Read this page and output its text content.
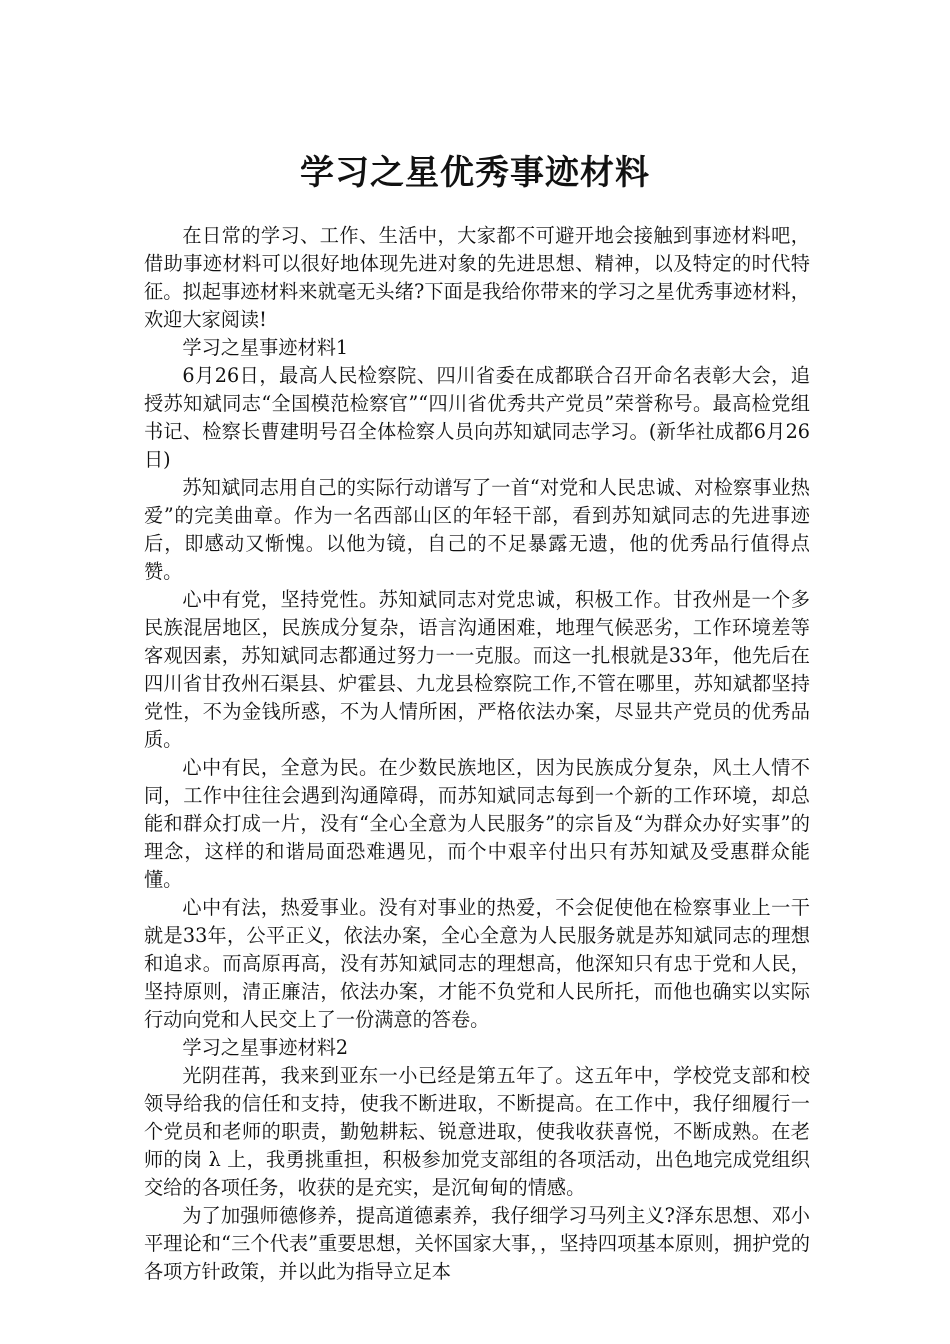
学习之星优秀事迹材料

在日常的学习、工作、生活中，大家都不可避开地会接触到事迹材料吧，借助事迹材料可以很好地体现先进对象的先进思想、精神，以及特定的时代特征。拟起事迹材料来就毫无头绪?下面是我给你带来的学习之星优秀事迹材料，欢迎大家阅读!

学习之星事迹材料1

6月26日，最高人民检察院、四川省委在成都联合召开命名表彰大会，追授苏知斌同志“全国模范检察官”“四川省优秀共产党员”荣誉称号。最高检党组书记、检察长曹建明号召全体检察人员向苏知斌同志学习。(新华社成都6月26日)

苏知斌同志用自己的实际行动谱写了一首“对党和人民忠诚、对检察事业热爱”的完美曲章。作为一名西部山区的年轻干部，看到苏知斌同志的先进事迹后，即感动又惭愧。以他为镜，自己的不足暴露无遗，他的优秀品行值得点赞。

心中有党，坚持党性。苏知斌同志对党忠诚，积极工作。甘孜州是一个多民族混居地区，民族成分复杂，语言沟通困难，地理气候恶劣，工作环境差等客观因素，苏知斌同志都通过努力一一克服。而这一扎根就是33年，他先后在四川省甘孜州石渠县、炉霍县、九龙县检察院工作,不管在哪里，苏知斌都坚持党性，不为金钱所惑，不为人情所困，严格依法办案，尽显共产党员的优秀品质。

心中有民，全意为民。在少数民族地区，因为民族成分复杂，风土人情不同，工作中往往会遇到沟通障碍，而苏知斌同志每到一个新的工作环境，却总能和群众打成一片，没有“全心全意为人民服务”的宗旨及“为群众办好实事”的理念，这样的和谐局面恐难遇见，而个中艰辛付出只有苏知斌及受惠群众能懂。

心中有法，热爱事业。没有对事业的热爱，不会促使他在检察事业上一干就是33年，公平正义，依法办案，全心全意为人民服务就是苏知斌同志的理想和追求。而高原再高，没有苏知斌同志的理想高，他深知只有忠于党和人民，坚持原则，清正廉洁，依法办案，才能不负党和人民所托，而他也确实以实际行动向党和人民交上了一份满意的答卷。

学习之星事迹材料2

光阴荏苒，我来到亚东一小已经是第五年了。这五年中，学校党支部和校领导给我的信任和支持，使我不断进取，不断提高。在工作中，我仔细履行一个党员和老师的职责，勤勉耕耘、锐意进取，使我收获喜悦，不断成熟。在老师的岗 λ 上，我勇挑重担，积极参加党支部组的各项活动，出色地完成党组织交给的各项任务，收获的是充实，是沉甸甸的情感。

为了加强师德修养，提高道德素养，我仔细学习马列主义?泽东思想、邓小平理论和“三个代表”重要思想，关怀国家大事，，坚持四项基本原则，拥护党的各项方针政策，并以此为指导立足本
